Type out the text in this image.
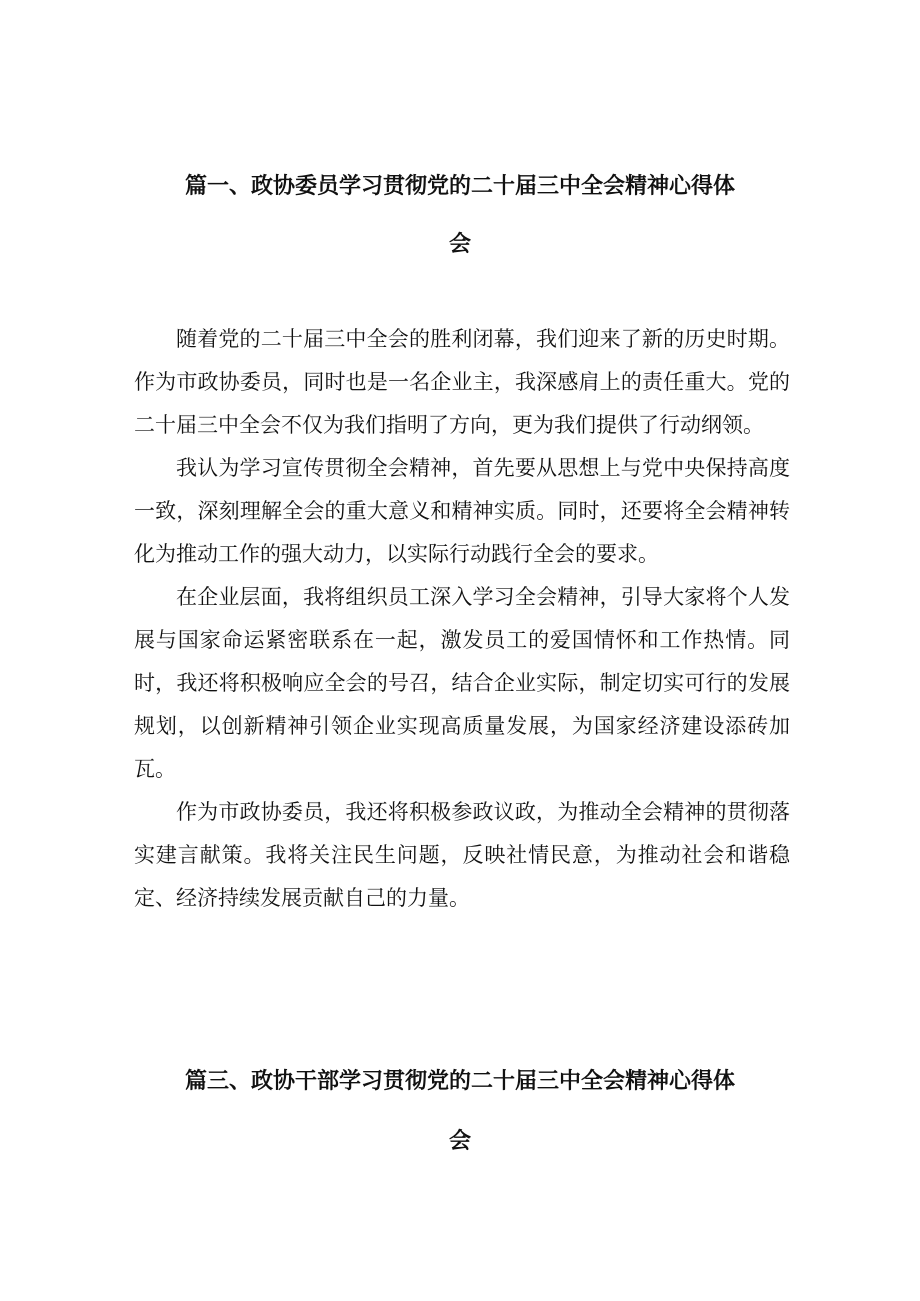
篇一、政协委员学习贯彻党的二十届三中全会精神心得体
会

随着党的二十届三中全会的胜利闭幕，我们迎来了新的历史时期。作为市政协委员，同时也是一名企业主，我深感肩上的责任重大。党的二十届三中全会不仅为我们指明了方向，更为我们提供了行动纲领。

我认为学习宣传贯彻全会精神，首先要从思想上与党中央保持高度一致，深刻理解全会的重大意义和精神实质。同时，还要将全会精神转化为推动工作的强大动力，以实际行动践行全会的要求。

在企业层面，我将组织员工深入学习全会精神，引导大家将个人发展与国家命运紧密联系在一起，激发员工的爱国情怀和工作热情。同时，我还将积极响应全会的号召，结合企业实际，制定切实可行的发展规划，以创新精神引领企业实现高质量发展，为国家经济建设添砖加瓦。

作为市政协委员，我还将积极参政议政，为推动全会精神的贯彻落实建言献策。我将关注民生问题，反映社情民意，为推动社会和谐稳定、经济持续发展贡献自己的力量。

篇三、政协干部学习贯彻党的二十届三中全会精神心得体
会
